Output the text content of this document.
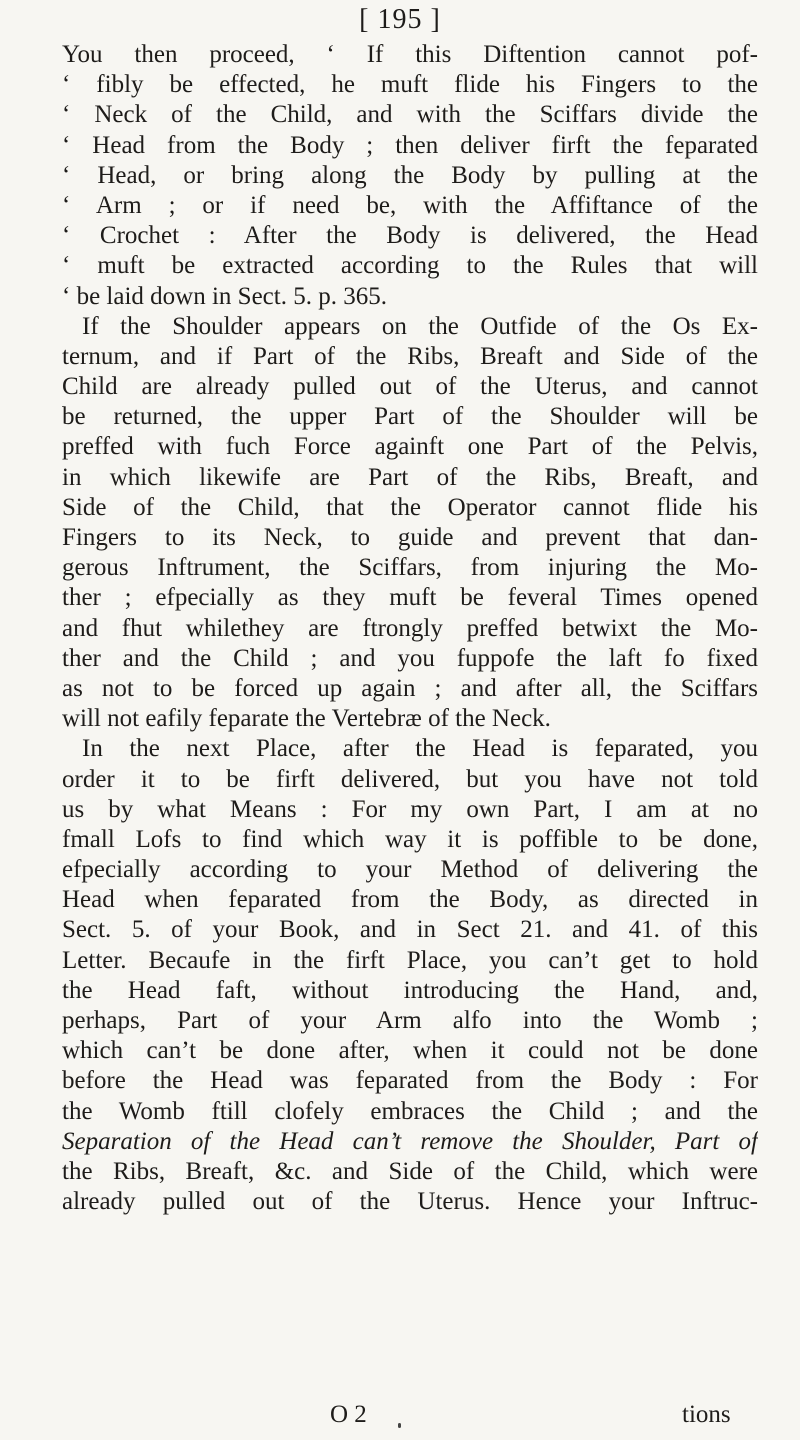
[ 195 ]
You then proceed, ‘ If this Diftention cannot pof-
‘ fibly be effected, he muft flide his Fingers to the
‘ Neck of the Child, and with the Sciffars divide the
‘ Head from the Body ; then deliver firft the feparated
‘ Head, or bring along the Body by pulling at the
‘ Arm ; or if need be, with the Affiftance of the
‘ Crochet : After the Body is delivered, the Head
‘ muft be extracted according to the Rules that will
‘ be laid down in Sect. 5. p. 365.
If the Shoulder appears on the Outfide of the Os Ex-
ternum, and if Part of the Ribs, Breaft and Side of the
Child are already pulled out of the Uterus, and cannot
be returned, the upper Part of the Shoulder will be
preffed with fuch Force againft one Part of the Pelvis,
in which likewife are Part of the Ribs, Breaft, and
Side of the Child, that the Operator cannot flide his
Fingers to its Neck, to guide and prevent that dan-
gerous Inftrument, the Sciffars, from injuring the Mo-
ther ; efpecially as they muft be feveral Times opened
and fhut whilethey are ftrongly preffed betwixt the Mo-
ther and the Child ; and you fuppofe the laft fo fixed
as not to be forced up again ; and after all, the Sciffars
will not eafily feparate the Vertebræ of the Neck.
In the next Place, after the Head is feparated, you
order it to be firft delivered, but you have not told
us by what Means : For my own Part, I am at no
fmall Lofs to find which way it is poffible to be done,
efpecially according to your Method of delivering the
Head when feparated from the Body, as directed in
Sect. 5. of your Book, and in Sect 21. and 41. of this
Letter. Becaufe in the firft Place, you can’t get to hold
the Head faft, without introducing the Hand, and,
perhaps, Part of your Arm alfo into the Womb ;
which can’t be done after, when it could not be done
before the Head was feparated from the Body : For
the Womb ftill clofely embraces the Child ; and the
Separation of the Head can’t remove the Shoulder, Part of
the Ribs, Breaft, &c. and Side of the Child, which were
already pulled out of the Uterus. Hence your Inftruc-
O 2	tions
